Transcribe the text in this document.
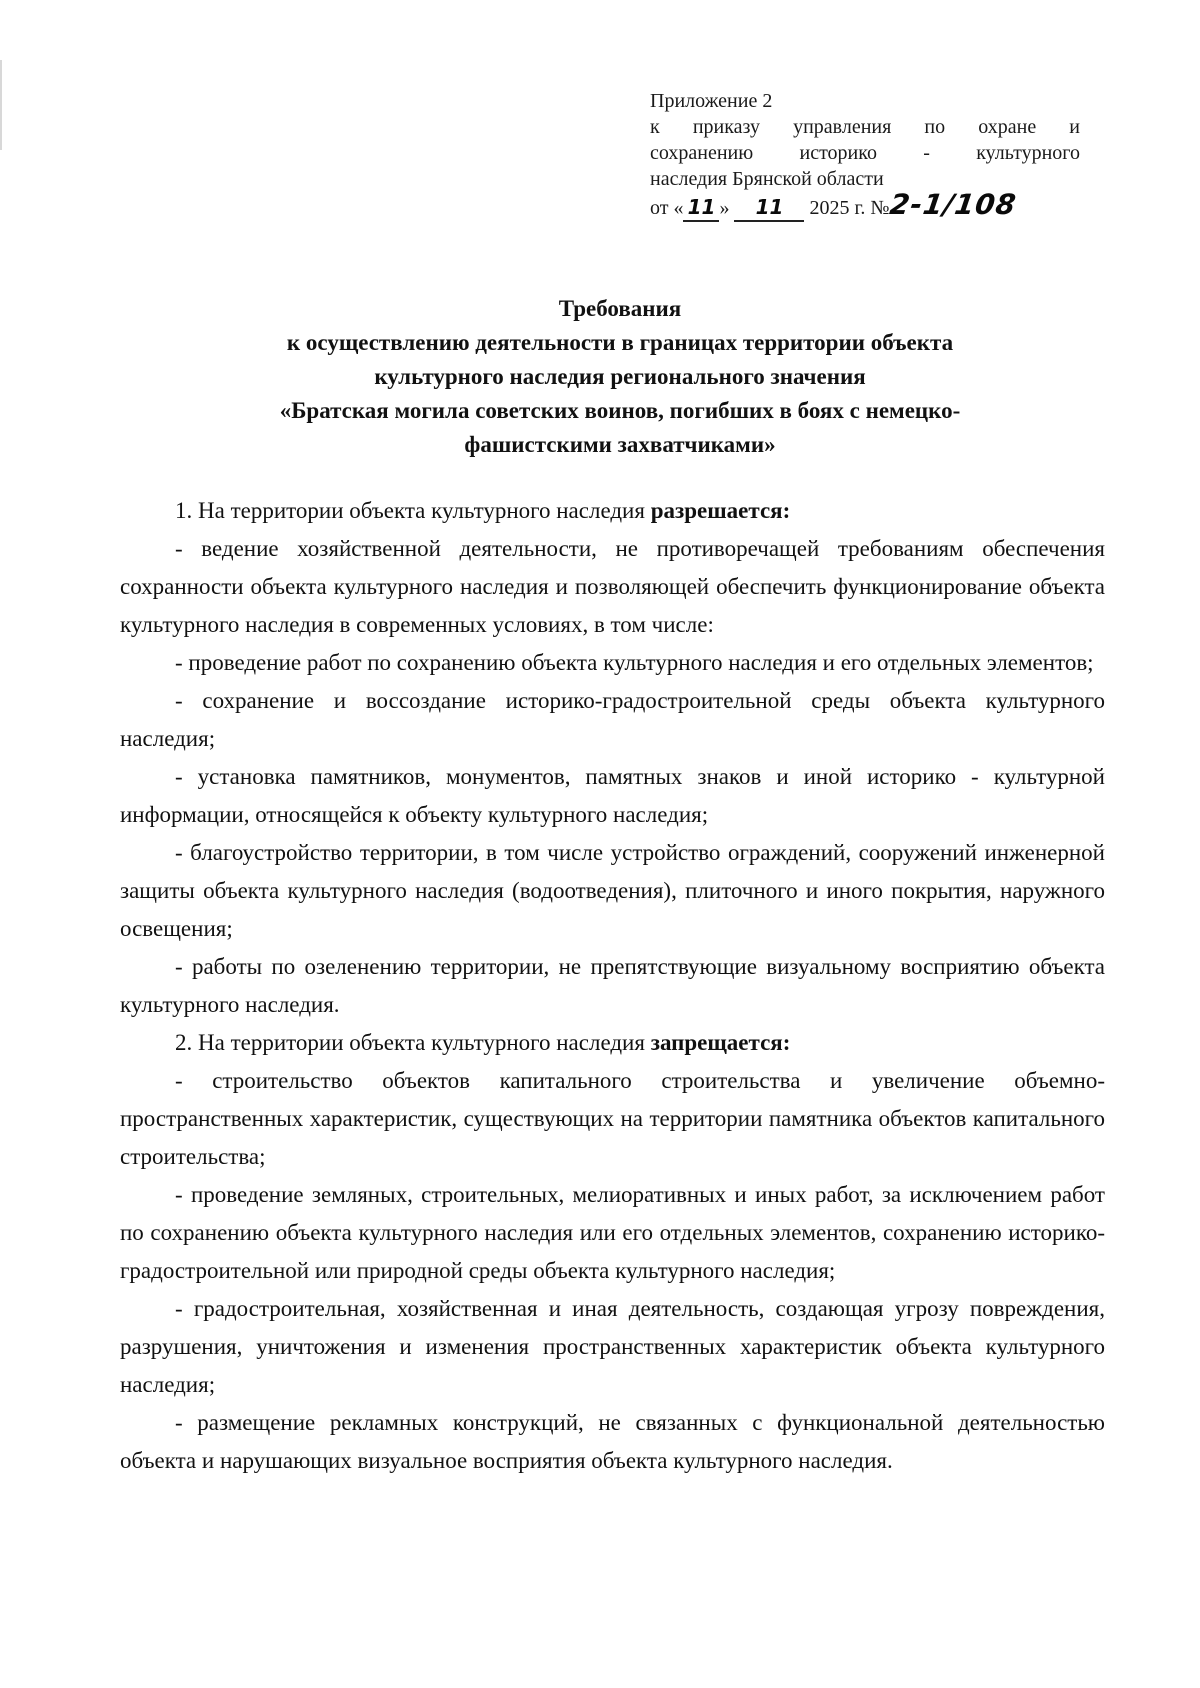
Приложение 2
к приказу управления по охране и
сохранению историко - культурного
наследия Брянской области
от « 11 » 11 2025 г. №2-1/108
Требования
к осуществлению деятельности в границах территории объекта
культурного наследия регионального значения
«Братская могила советских воинов, погибших в боях с немецко-
фашистскими захватчиками»

1. На территории объекта культурного наследия разрешается:

- ведение хозяйственной деятельности, не противоречащей требованиям обеспечения сохранности объекта культурного наследия и позволяющей обеспечить функционирование объекта культурного наследия в современных условиях, в том числе:

- проведение работ по сохранению объекта культурного наследия и его отдельных элементов;

- сохранение и воссоздание историко-градостроительной среды объекта культурного наследия;

- установка памятников, монументов, памятных знаков и иной историко - культурной информации, относящейся к объекту культурного наследия;

- благоустройство территории, в том числе устройство ограждений, сооружений инженерной защиты объекта культурного наследия (водоотведения), плиточного и иного покрытия, наружного освещения;

- работы по озеленению территории, не препятствующие визуальному восприятию объекта культурного наследия.

2. На территории объекта культурного наследия запрещается:

- строительство объектов капитального строительства и увеличение объемно-пространственных характеристик, существующих на территории памятника объектов капитального строительства;

- проведение земляных, строительных, мелиоративных и иных работ, за исключением работ по сохранению объекта культурного наследия или его отдельных элементов, сохранению историко-градостроительной или природной среды объекта культурного наследия;

- градостроительная, хозяйственная и иная деятельность, создающая угрозу повреждения, разрушения, уничтожения и изменения пространственных характеристик объекта культурного наследия;

- размещение рекламных конструкций, не связанных с функциональной деятельностью объекта и нарушающих визуальное восприятия объекта культурного наследия.
